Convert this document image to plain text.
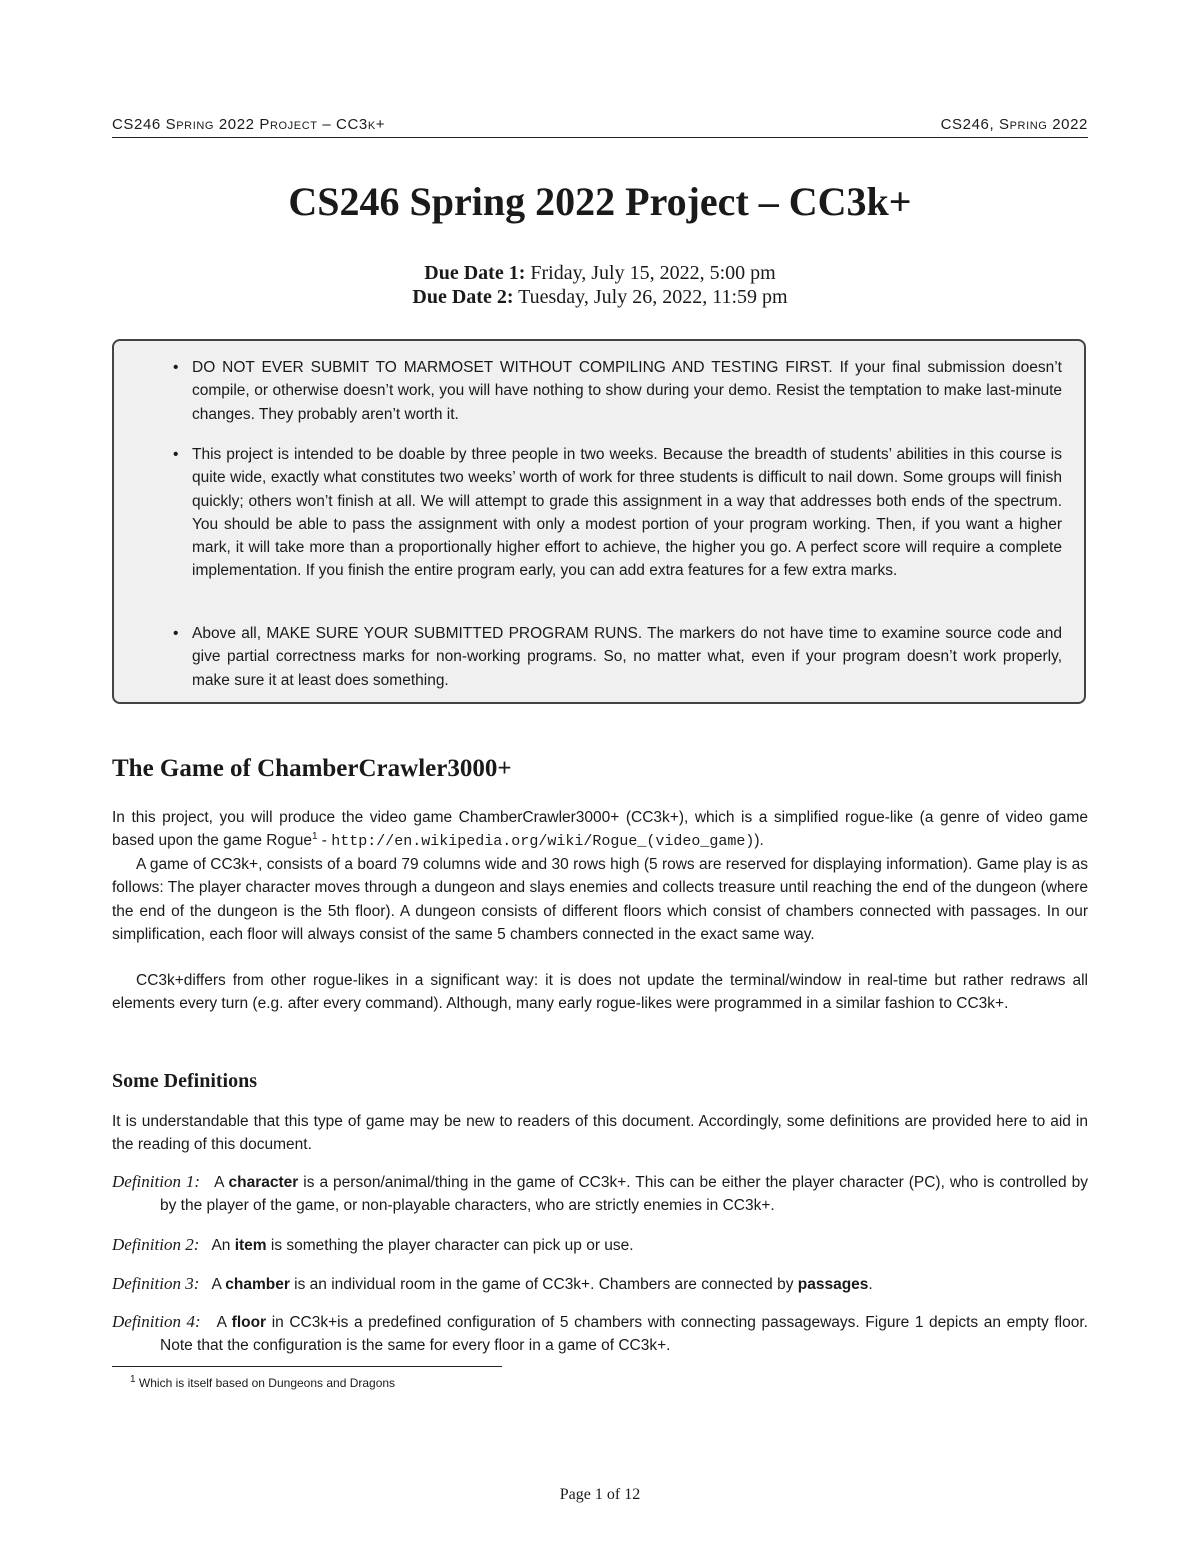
CS246 Spring 2022 Project – CC3k+	CS246, Spring 2022
CS246 Spring 2022 Project – CC3k+
Due Date 1: Friday, July 15, 2022, 5:00 pm
Due Date 2: Tuesday, July 26, 2022, 11:59 pm
• DO NOT EVER SUBMIT TO MARMOSET WITHOUT COMPILING AND TESTING FIRST. If your final submission doesn’t compile, or otherwise doesn’t work, you will have nothing to show during your demo. Resist the temptation to make last-minute changes. They probably aren’t worth it.
• This project is intended to be doable by three people in two weeks. Because the breadth of students’ abilities in this course is quite wide, exactly what constitutes two weeks’ worth of work for three students is difficult to nail down. Some groups will finish quickly; others won’t finish at all. We will attempt to grade this assignment in a way that addresses both ends of the spectrum. You should be able to pass the assignment with only a modest portion of your program working. Then, if you want a higher mark, it will take more than a proportionally higher effort to achieve, the higher you go. A perfect score will require a complete implementation. If you finish the entire program early, you can add extra features for a few extra marks.
• Above all, MAKE SURE YOUR SUBMITTED PROGRAM RUNS. The markers do not have time to examine source code and give partial correctness marks for non-working programs. So, no matter what, even if your program doesn’t work properly, make sure it at least does something.
The Game of ChamberCrawler3000+

In this project, you will produce the video game ChamberCrawler3000+ (CC3k+), which is a simplified rogue-like (a genre of video game based upon the game Rogue$^1$ - http://en.wikipedia.org/wiki/Rogue_(video_game)).

A game of CC3k+, consists of a board 79 columns wide and 30 rows high (5 rows are reserved for displaying information). Game play is as follows: The player character moves through a dungeon and slays enemies and collects treasure until reaching the end of the dungeon (where the end of the dungeon is the 5th floor). A dungeon consists of different floors which consist of chambers connected with passages. In our simplification, each floor will always consist of the same 5 chambers connected in the exact same way.

CC3k+differs from other rogue-likes in a significant way: it is does not update the terminal/window in real-time but rather redraws all elements every turn (e.g. after every command). Although, many early rogue-likes were programmed in a similar fashion to CC3k+.

Some Definitions

It is understandable that this type of game may be new to readers of this document. Accordingly, some definitions are provided here to aid in the reading of this document.

Definition 1: A character is a person/animal/thing in the game of CC3k+. This can be either the player character (PC), who is controlled by by the player of the game, or non-playable characters, who are strictly enemies in CC3k+.

Definition 2: An item is something the player character can pick up or use.

Definition 3: A chamber is an individual room in the game of CC3k+. Chambers are connected by passages.

Definition 4: A floor in CC3k+is a predefined configuration of 5 chambers with connecting passageways. Figure 1 depicts an empty floor. Note that the configuration is the same for every floor in a game of CC3k+.

$^1$ Which is itself based on Dungeons and Dragons
Page 1 of 12
